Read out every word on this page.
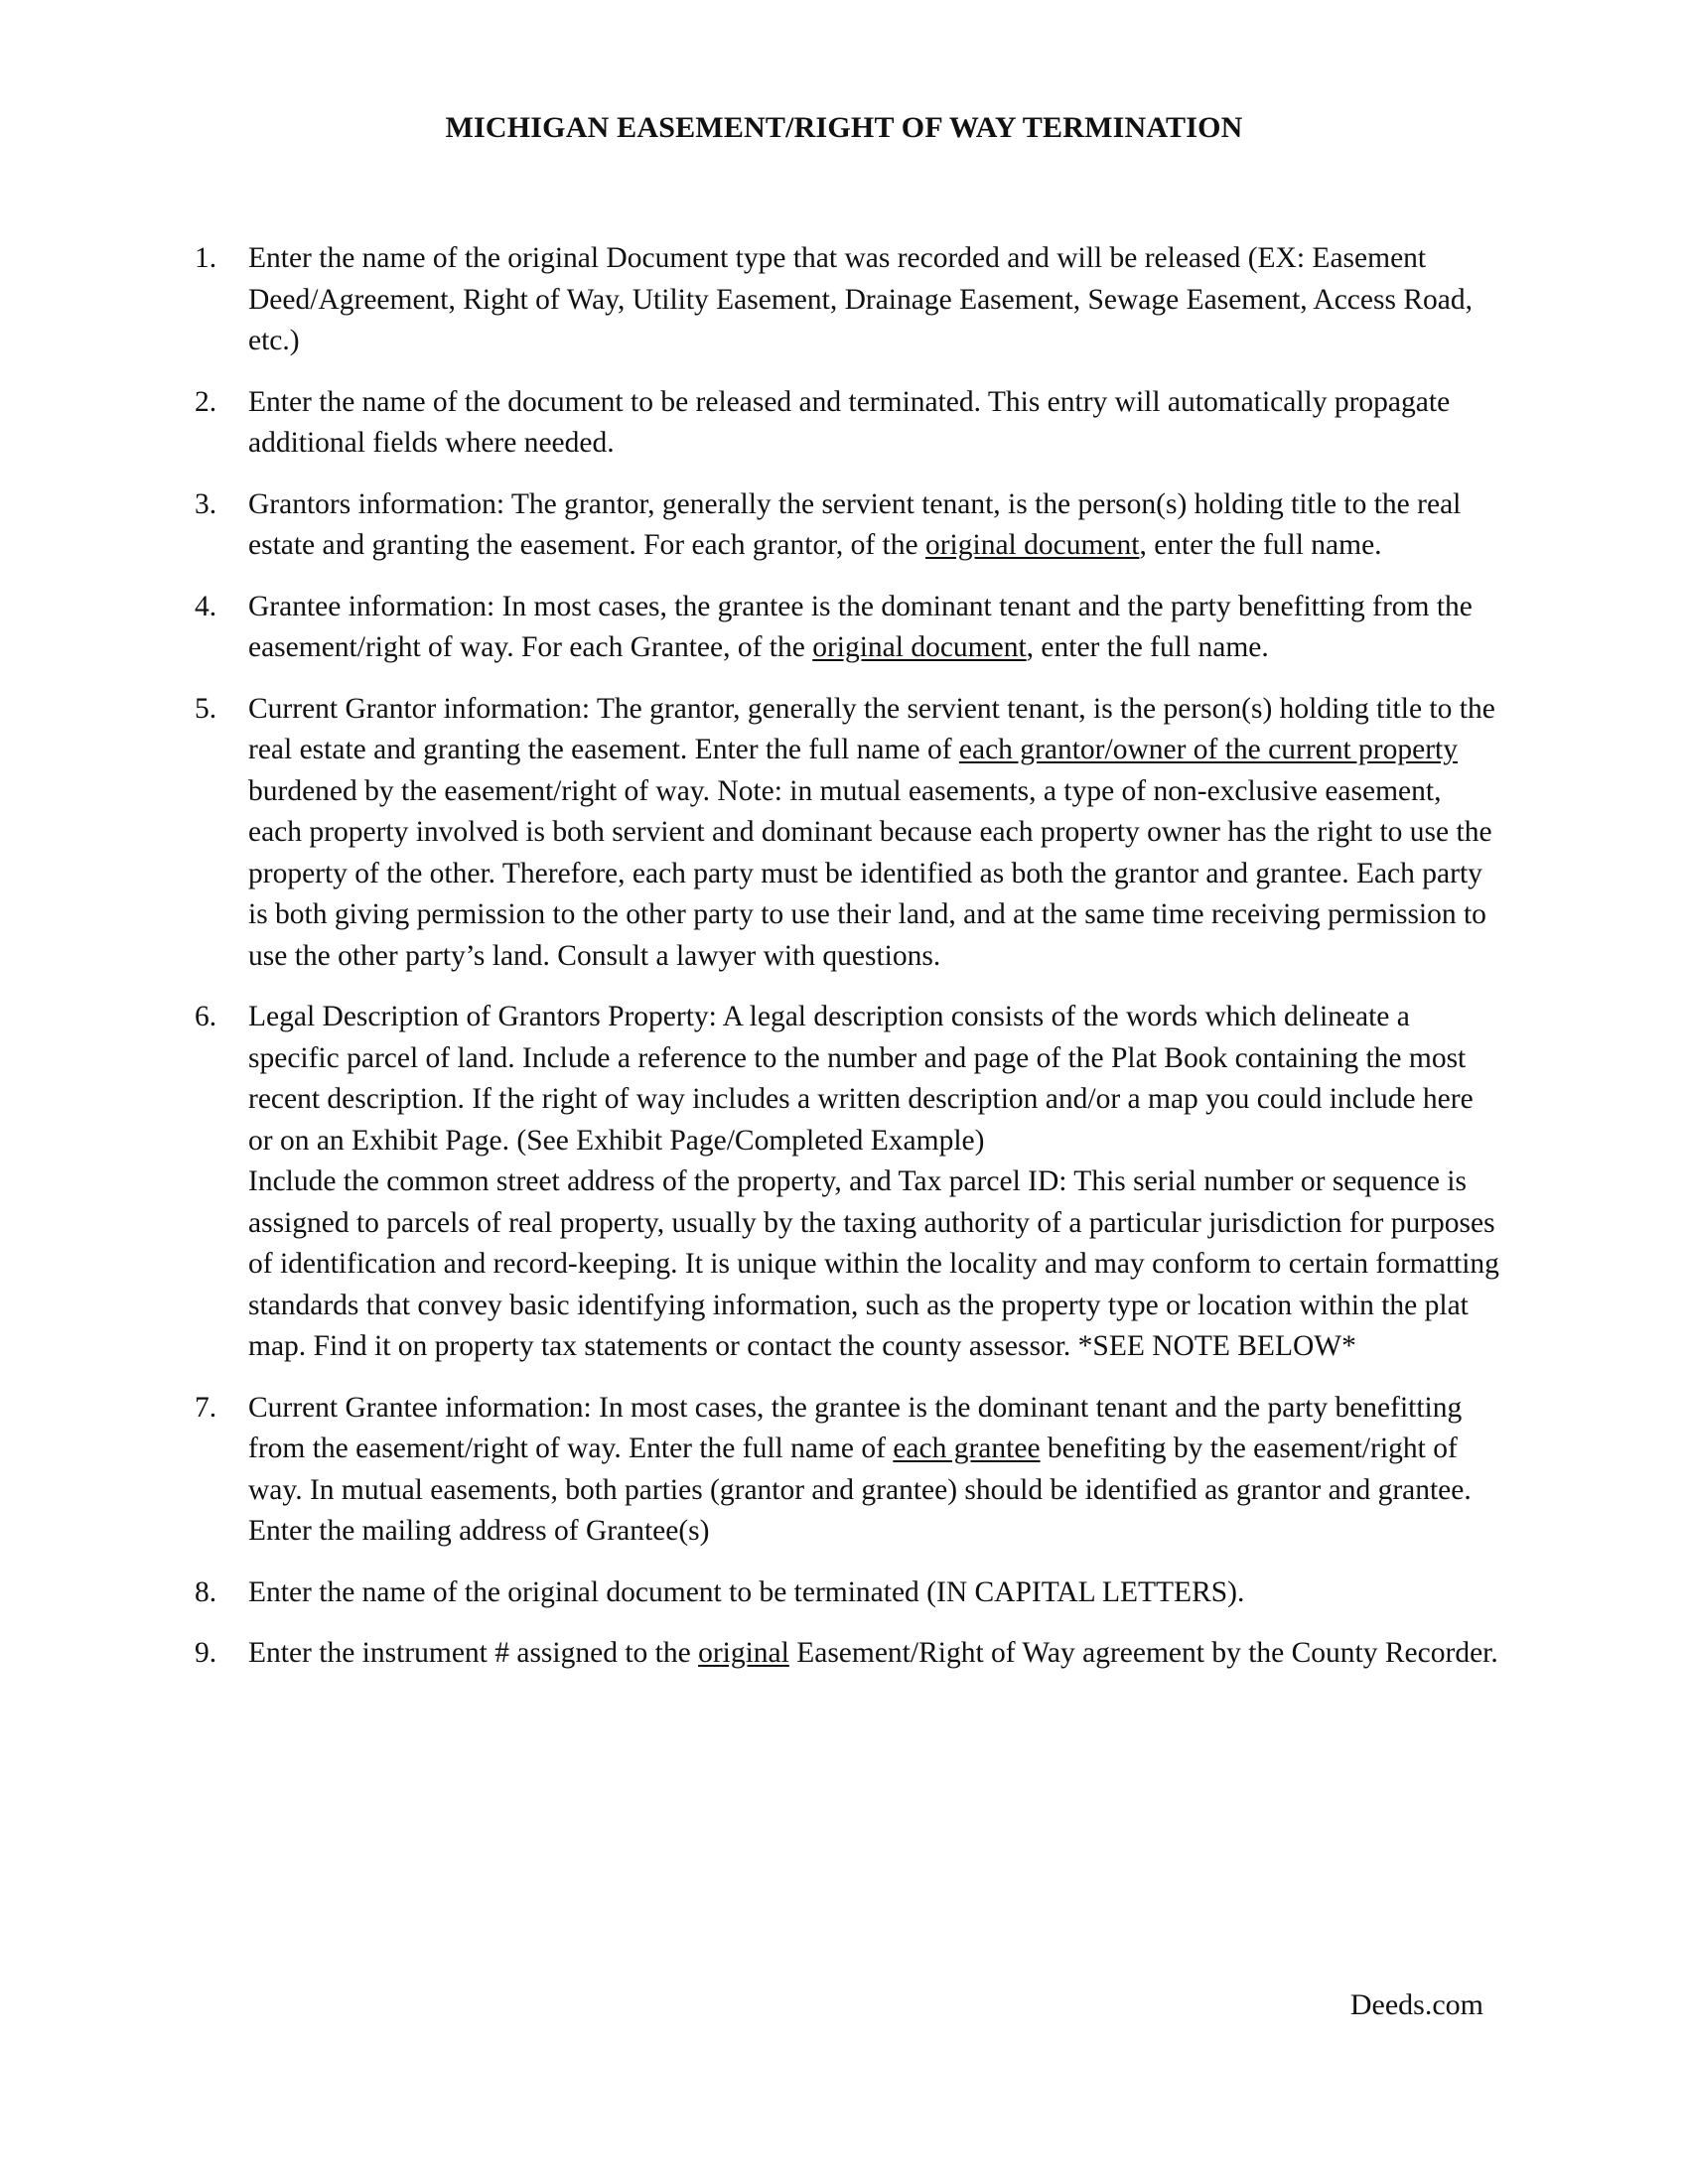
MICHIGAN EASEMENT/RIGHT OF WAY TERMINATION
1. Enter the name of the original Document type that was recorded and will be released (EX: Easement Deed/Agreement, Right of Way, Utility Easement, Drainage Easement, Sewage Easement, Access Road, etc.)
2. Enter the name of the document to be released and terminated. This entry will automatically propagate additional fields where needed.
3. Grantors information: The grantor, generally the servient tenant, is the person(s) holding title to the real estate and granting the easement. For each grantor, of the original document, enter the full name.
4. Grantee information: In most cases, the grantee is the dominant tenant and the party benefitting from the easement/right of way. For each Grantee, of the original document, enter the full name.
5. Current Grantor information: The grantor, generally the servient tenant, is the person(s) holding title to the real estate and granting the easement. Enter the full name of each grantor/owner of the current property burdened by the easement/right of way. Note: in mutual easements, a type of non-exclusive easement, each property involved is both servient and dominant because each property owner has the right to use the property of the other. Therefore, each party must be identified as both the grantor and grantee. Each party is both giving permission to the other party to use their land, and at the same time receiving permission to use the other party’s land. Consult a lawyer with questions.
6. Legal Description of Grantors Property: A legal description consists of the words which delineate a specific parcel of land. Include a reference to the number and page of the Plat Book containing the most recent description. If the right of way includes a written description and/or a map you could include here or on an Exhibit Page. (See Exhibit Page/Completed Example)
Include the common street address of the property, and Tax parcel ID: This serial number or sequence is assigned to parcels of real property, usually by the taxing authority of a particular jurisdiction for purposes of identification and record-keeping. It is unique within the locality and may conform to certain formatting standards that convey basic identifying information, such as the property type or location within the plat map. Find it on property tax statements or contact the county assessor. *SEE NOTE BELOW*
7. Current Grantee information: In most cases, the grantee is the dominant tenant and the party benefitting from the easement/right of way. Enter the full name of each grantee benefiting by the easement/right of way. In mutual easements, both parties (grantor and grantee) should be identified as grantor and grantee. Enter the mailing address of Grantee(s)
8. Enter the name of the original document to be terminated (IN CAPITAL LETTERS).
9. Enter the instrument # assigned to the original Easement/Right of Way agreement by the County Recorder.

Deeds.com
